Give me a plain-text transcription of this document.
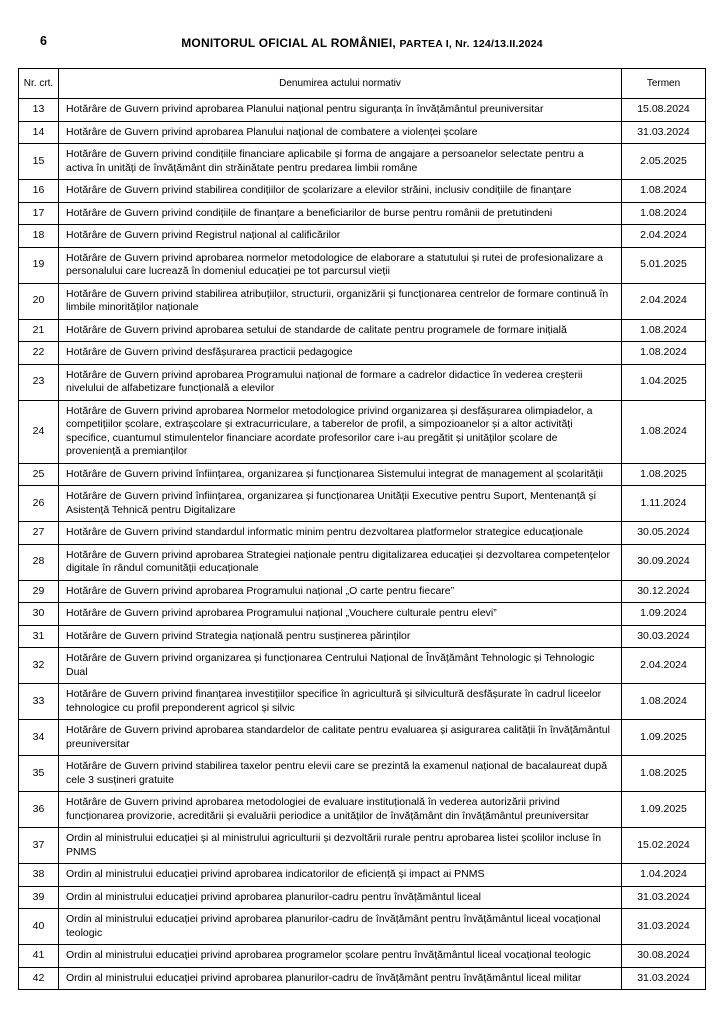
6	MONITORUL OFICIAL AL ROMÂNIEI, PARTEA I, Nr. 124/13.II.2024
Nr. crt.	Denumirea actului normativ	Termen
13	Hotărâre de Guvern privind aprobarea Planului național pentru siguranța în învățământul preuniversitar	15.08.2024
14	Hotărâre de Guvern privind aprobarea Planului național de combatere a violenței școlare	31.03.2024
15	Hotărâre de Guvern privind condițiile financiare aplicabile și forma de angajare a persoanelor selectate pentru a activa în unități de învățământ din străinătate pentru predarea limbii române	2.05.2025
16	Hotărâre de Guvern privind stabilirea condițiilor de școlarizare a elevilor străini, inclusiv condițiile de finanțare	1.08.2024
17	Hotărâre de Guvern privind condițiile de finanțare a beneficiarilor de burse pentru românii de pretutindeni	1.08.2024
18	Hotărâre de Guvern privind Registrul național al calificărilor	2.04.2024
19	Hotărâre de Guvern privind aprobarea normelor metodologice de elaborare a statutului și rutei de profesionalizare a personalului care lucrează în domeniul educației pe tot parcursul vieții	5.01.2025
20	Hotărâre de Guvern privind stabilirea atribuțiilor, structurii, organizării și funcționarea centrelor de formare continuă în limbile minorităților naționale	2.04.2024
21	Hotărâre de Guvern privind aprobarea setului de standarde de calitate pentru programele de formare inițială	1.08.2024
22	Hotărâre de Guvern privind desfășurarea practicii pedagogice	1.08.2024
23	Hotărâre de Guvern privind aprobarea Programului național de formare a cadrelor didactice în vederea creșterii nivelului de alfabetizare funcțională a elevilor	1.04.2025
24	Hotărâre de Guvern privind aprobarea Normelor metodologice privind organizarea și desfășurarea olimpiadelor, a competițiilor școlare, extrașcolare și extracurriculare, a taberelor de profil, a simpozioanelor și a altor activități specifice, cuantumul stimulentelor financiare acordate profesorilor care i-au pregătit și unităților școlare de proveniență a premianților	1.08.2024
25	Hotărâre de Guvern privind înființarea, organizarea și funcționarea Sistemului integrat de management al școlarității	1.08.2025
26	Hotărâre de Guvern privind înființarea, organizarea și funcționarea Unității Executive pentru Suport, Mentenanță și Asistență Tehnică pentru Digitalizare	1.11.2024
27	Hotărâre de Guvern privind standardul informatic minim pentru dezvoltarea platformelor strategice educaționale	30.05.2024
28	Hotărâre de Guvern privind aprobarea Strategiei naționale pentru digitalizarea educației și dezvoltarea competențelor digitale în rândul comunității educaționale	30.09.2024
29	Hotărâre de Guvern privind aprobarea Programului național „O carte pentru fiecare”	30.12.2024
30	Hotărâre de Guvern privind aprobarea Programului național „Vouchere culturale pentru elevi”	1.09.2024
31	Hotărâre de Guvern privind Strategia națională pentru susținerea părinților	30.03.2024
32	Hotărâre de Guvern privind organizarea și funcționarea Centrului Național de Învățământ Tehnologic și Tehnologic Dual	2.04.2024
33	Hotărâre de Guvern privind finanțarea investițiilor specifice în agricultură și silvicultură desfășurate în cadrul liceelor tehnologice cu profil preponderent agricol și silvic	1.08.2024
34	Hotărâre de Guvern privind aprobarea standardelor de calitate pentru evaluarea și asigurarea calității în învățământul preuniversitar	1.09.2025
35	Hotărâre de Guvern privind stabilirea taxelor pentru elevii care se prezintă la examenul național de bacalaureat după cele 3 susțineri gratuite	1.08.2025
36	Hotărâre de Guvern privind aprobarea metodologiei de evaluare instituțională în vederea autorizării privind funcționarea provizorie, acreditării și evaluării periodice a unităților de învățământ din învățământul preuniversitar	1.09.2025
37	Ordin al ministrului educației și al ministrului agriculturii și dezvoltării rurale pentru aprobarea listei școlilor incluse în PNMS	15.02.2024
38	Ordin al ministrului educației privind aprobarea indicatorilor de eficiență și impact ai PNMS	1.04.2024
39	Ordin al ministrului educației privind aprobarea planurilor-cadru pentru învățământul liceal	31.03.2024
40	Ordin al ministrului educației privind aprobarea planurilor-cadru de învățământ pentru învățământul liceal vocațional teologic	31.03.2024
41	Ordin al ministrului educației privind aprobarea programelor școlare pentru învățământul liceal vocațional teologic	30.08.2024
42	Ordin al ministrului educației privind aprobarea planurilor-cadru de învățământ pentru învățământul liceal militar	31.03.2024
